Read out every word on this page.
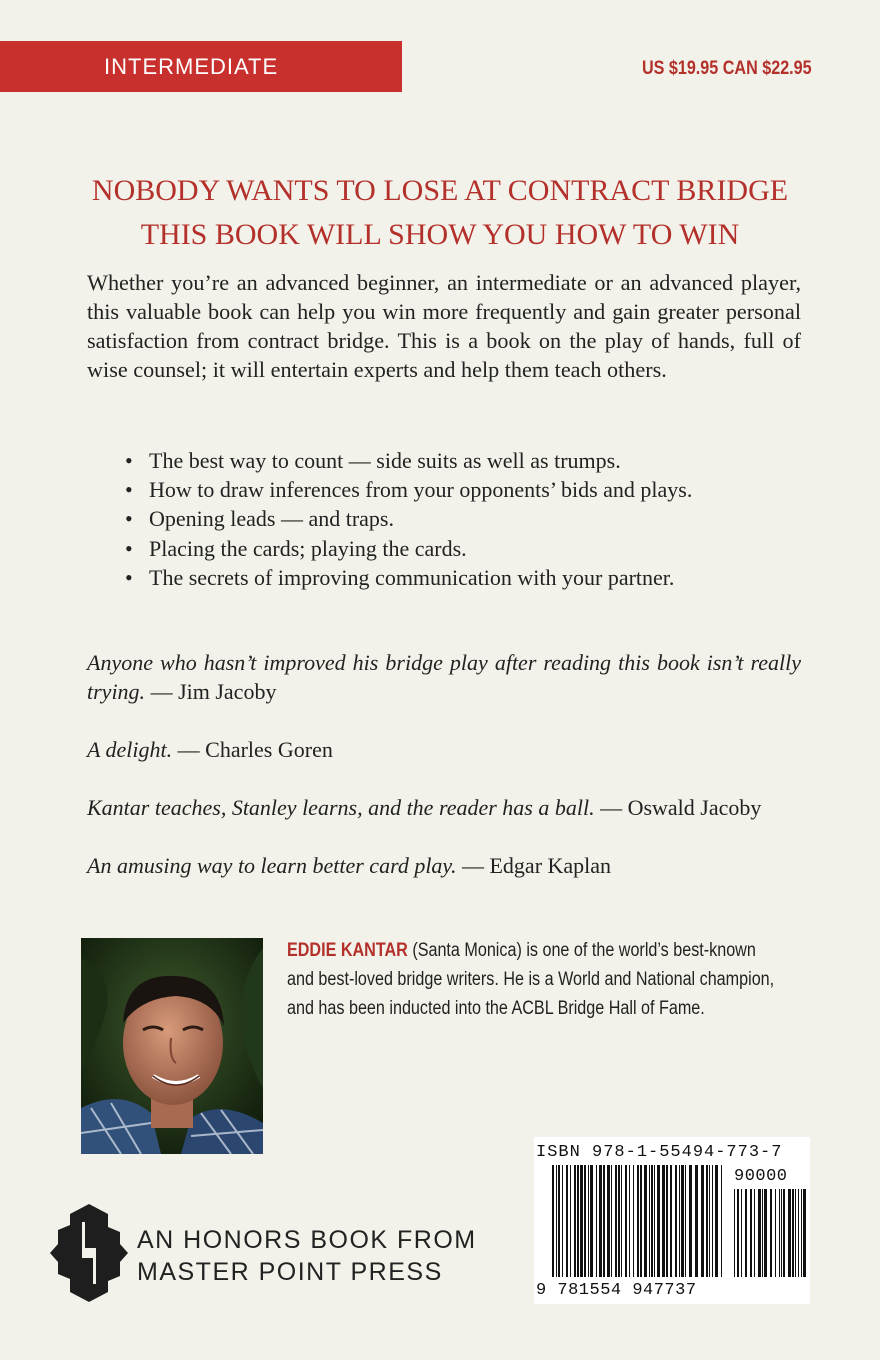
INTERMEDIATE	US $19.95 CAN $22.95
NOBODY WANTS TO LOSE AT CONTRACT BRIDGE
THIS BOOK WILL SHOW YOU HOW TO WIN

Whether you’re an advanced beginner, an intermediate or an advanced player, this valuable book can help you win more frequently and gain greater personal satisfaction from contract bridge. This is a book on the play of hands, full of wise counsel; it will entertain experts and help them teach others.

• The best way to count — side suits as well as trumps.
• How to draw inferences from your opponents’ bids and plays.
• Opening leads — and traps.
• Placing the cards; playing the cards.
• The secrets of improving communication with your partner.

Anyone who hasn’t improved his bridge play after reading this book isn’t really trying. — Jim Jacoby

A delight. — Charles Goren

Kantar teaches, Stanley learns, and the reader has a ball. — Oswald Jacoby

An amusing way to learn better card play. — Edgar Kaplan

EDDIE KANTAR (Santa Monica) is one of the world’s best-known
and best-loved bridge writers. He is a World and National champion,
and has been inducted into the ACBL Bridge Hall of Fame.

AN HONORS BOOK FROM
MASTER POINT PRESS
ISBN 978-1-55494-773-7
90000
9 781554 947737
